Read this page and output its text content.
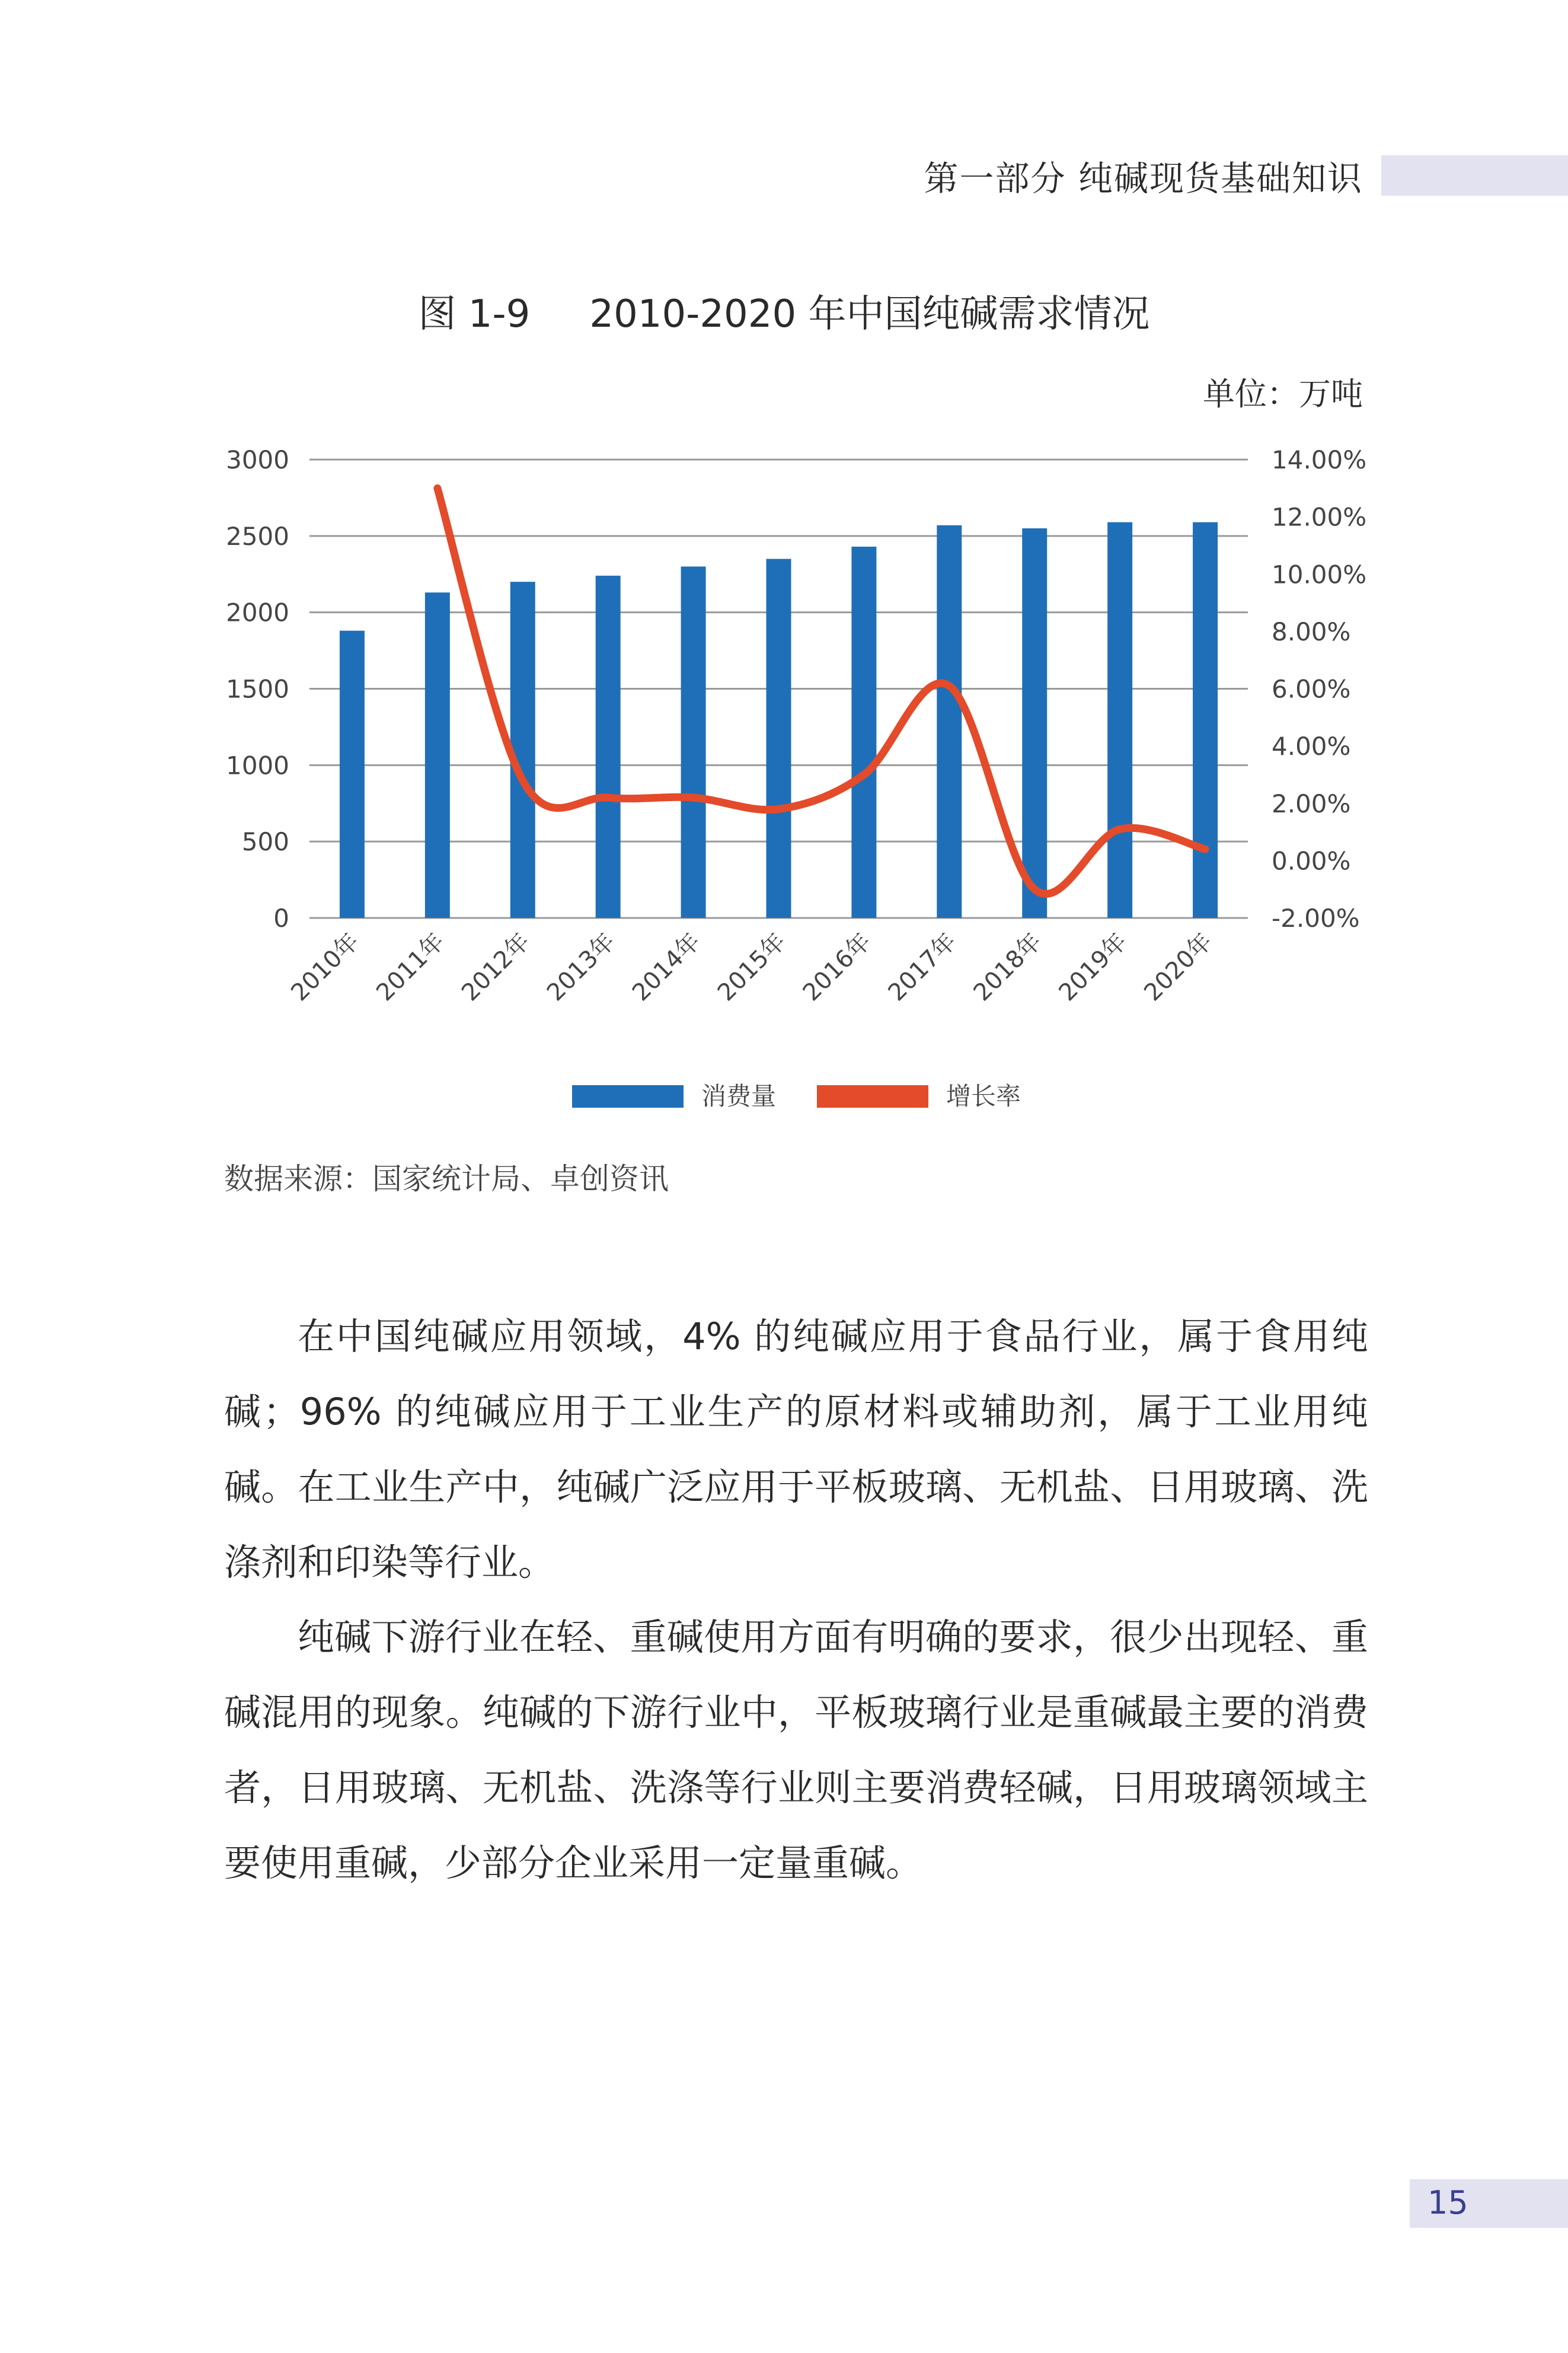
第一部分 纯碱现货基础知识
图 1-9 2010-2020 年中国纯碱需求情况
单位：万吨
0
500
1000
1500
2000
2500
3000
-2.00%
0.00%
2.00%
4.00%
6.00%
8.00%
10.00%
12.00%
14.00%
2010年 2011年 2012年 2013年 2014年 2015年 2016年 2017年 2018年 2019年 2020年
消费量	增长率
数据来源：国家统计局、卓创资讯
在中国纯碱应用领域，4% 的纯碱应用于食品行业，属于食用纯碱；96% 的纯碱应用于工业生产的原材料或辅助剂，属于工业用纯碱。在工业生产中，纯碱广泛应用于平板玻璃、无机盐、日用玻璃、洗涤剂和印染等行业。
纯碱下游行业在轻、重碱使用方面有明确的要求，很少出现轻、重碱混用的现象。纯碱的下游行业中，平板玻璃行业是重碱最主要的消费者，日用玻璃、无机盐、洗涤等行业则主要消费轻碱，日用玻璃领域主要使用重碱，少部分企业采用一定量重碱。
15
